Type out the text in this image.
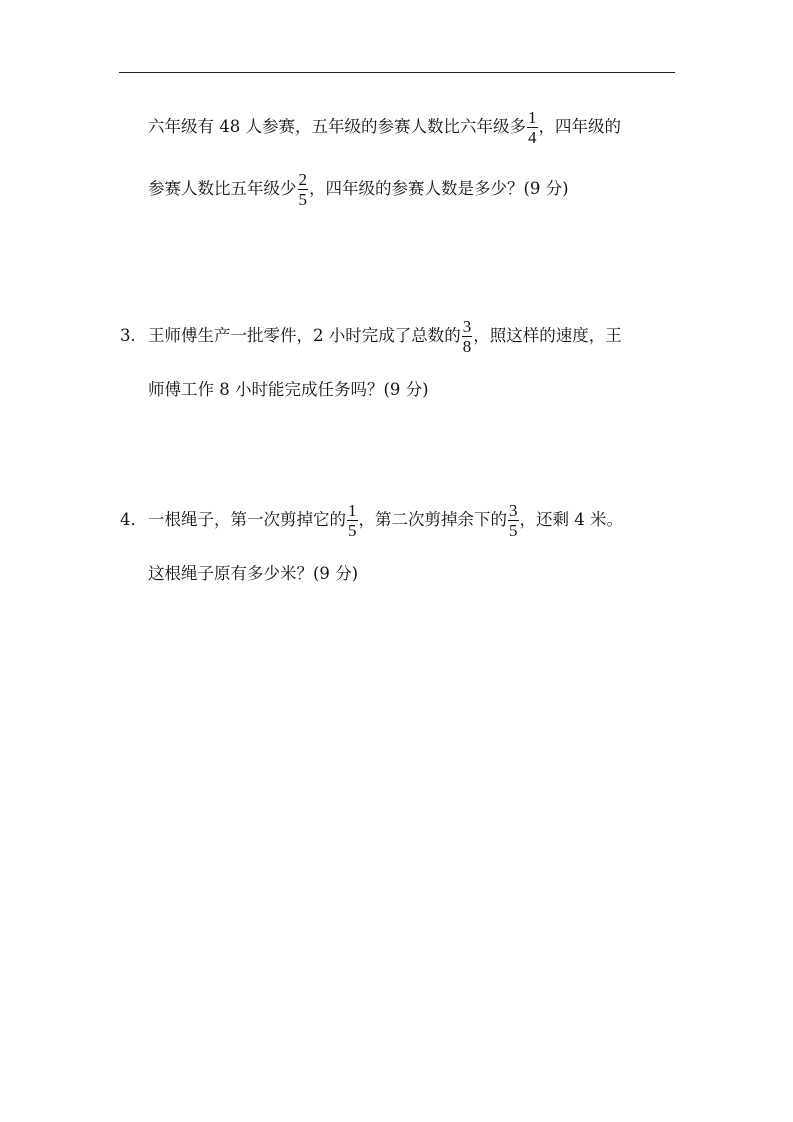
六年级有 48 人参赛，五年级的参赛人数比六年级多 $\frac{1}{4}$ ，四年级的
参赛人数比五年级少 $\frac{2}{5}$ ，四年级的参赛人数是多少？(9 分)
3． 王师傅生产一批零件，2 小时完成了总数的 $\frac{3}{8}$ ，照这样的速度，王
师傅工作 8 小时能完成任务吗？(9 分)
4． 一根绳子，第一次剪掉它的 $\frac{1}{5}$ ，第二次剪掉余下的 $\frac{3}{5}$ ，还剩 4 米。
这根绳子原有多少米？(9 分)
